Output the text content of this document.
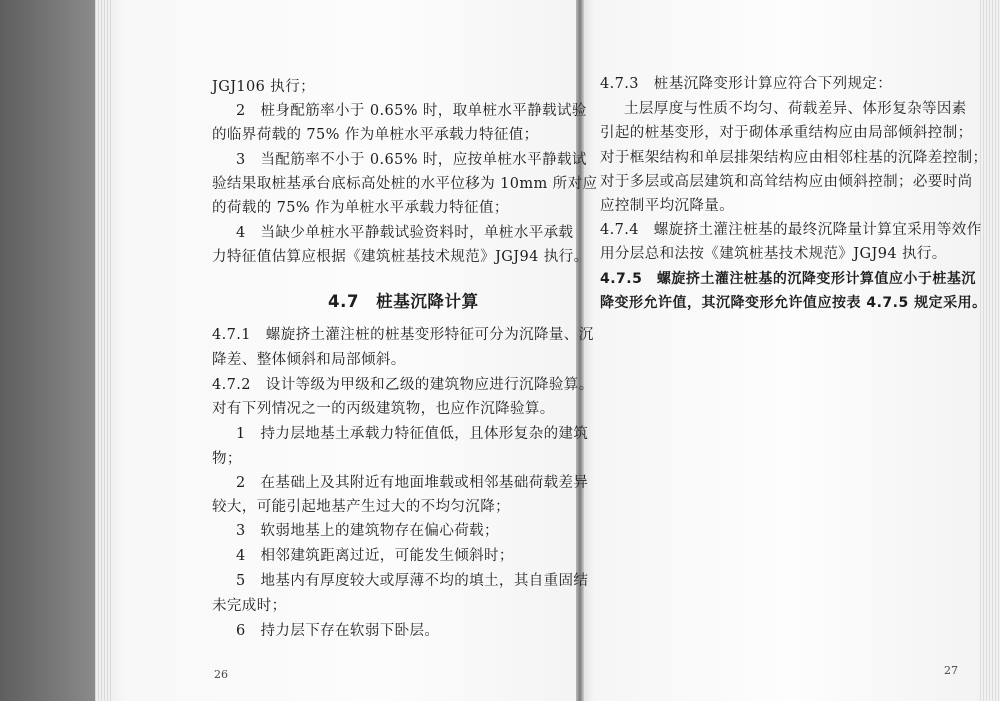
JGJ106 执行；
2　桩身配筋率小于 0.65% 时，取单桩水平静载试验
的临界荷载的 75% 作为单桩水平承载力特征值；
3　当配筋率不小于 0.65% 时，应按单桩水平静载试
验结果取桩基承台底标高处桩的水平位移为 10mm 所对应
的荷载的 75% 作为单桩水平承载力特征值；
4　当缺少单桩水平静载试验资料时，单桩水平承载
力特征值估算应根据《建筑桩基技术规范》JGJ94 执行。
4.7　桩基沉降计算
4.7.1　螺旋挤土灌注桩的桩基变形特征可分为沉降量、沉
降差、整体倾斜和局部倾斜。
4.7.2　设计等级为甲级和乙级的建筑物应进行沉降验算。
对有下列情况之一的丙级建筑物，也应作沉降验算。
1　持力层地基土承载力特征值低，且体形复杂的建筑
物；
2　在基础上及其附近有地面堆载或相邻基础荷载差异
较大，可能引起地基产生过大的不均匀沉降；
3　软弱地基上的建筑物存在偏心荷载；
4　相邻建筑距离过近，可能发生倾斜时；
5　地基内有厚度较大或厚薄不均的填土，其自重固结
未完成时；
6　持力层下存在软弱下卧层。
26
4.7.3　桩基沉降变形计算应符合下列规定：
土层厚度与性质不均匀、荷载差异、体形复杂等因素
引起的桩基变形，对于砌体承重结构应由局部倾斜控制；
对于框架结构和单层排架结构应由相邻柱基的沉降差控制；
对于多层或高层建筑和高耸结构应由倾斜控制；必要时尚
应控制平均沉降量。
4.7.4　螺旋挤土灌注桩基的最终沉降量计算宜采用等效作
用分层总和法按《建筑桩基技术规范》JGJ94 执行。
4.7.5　螺旋挤土灌注桩基的沉降变形计算值应小于桩基沉
降变形允许值，其沉降变形允许值应按表 4.7.5 规定采用。
27
